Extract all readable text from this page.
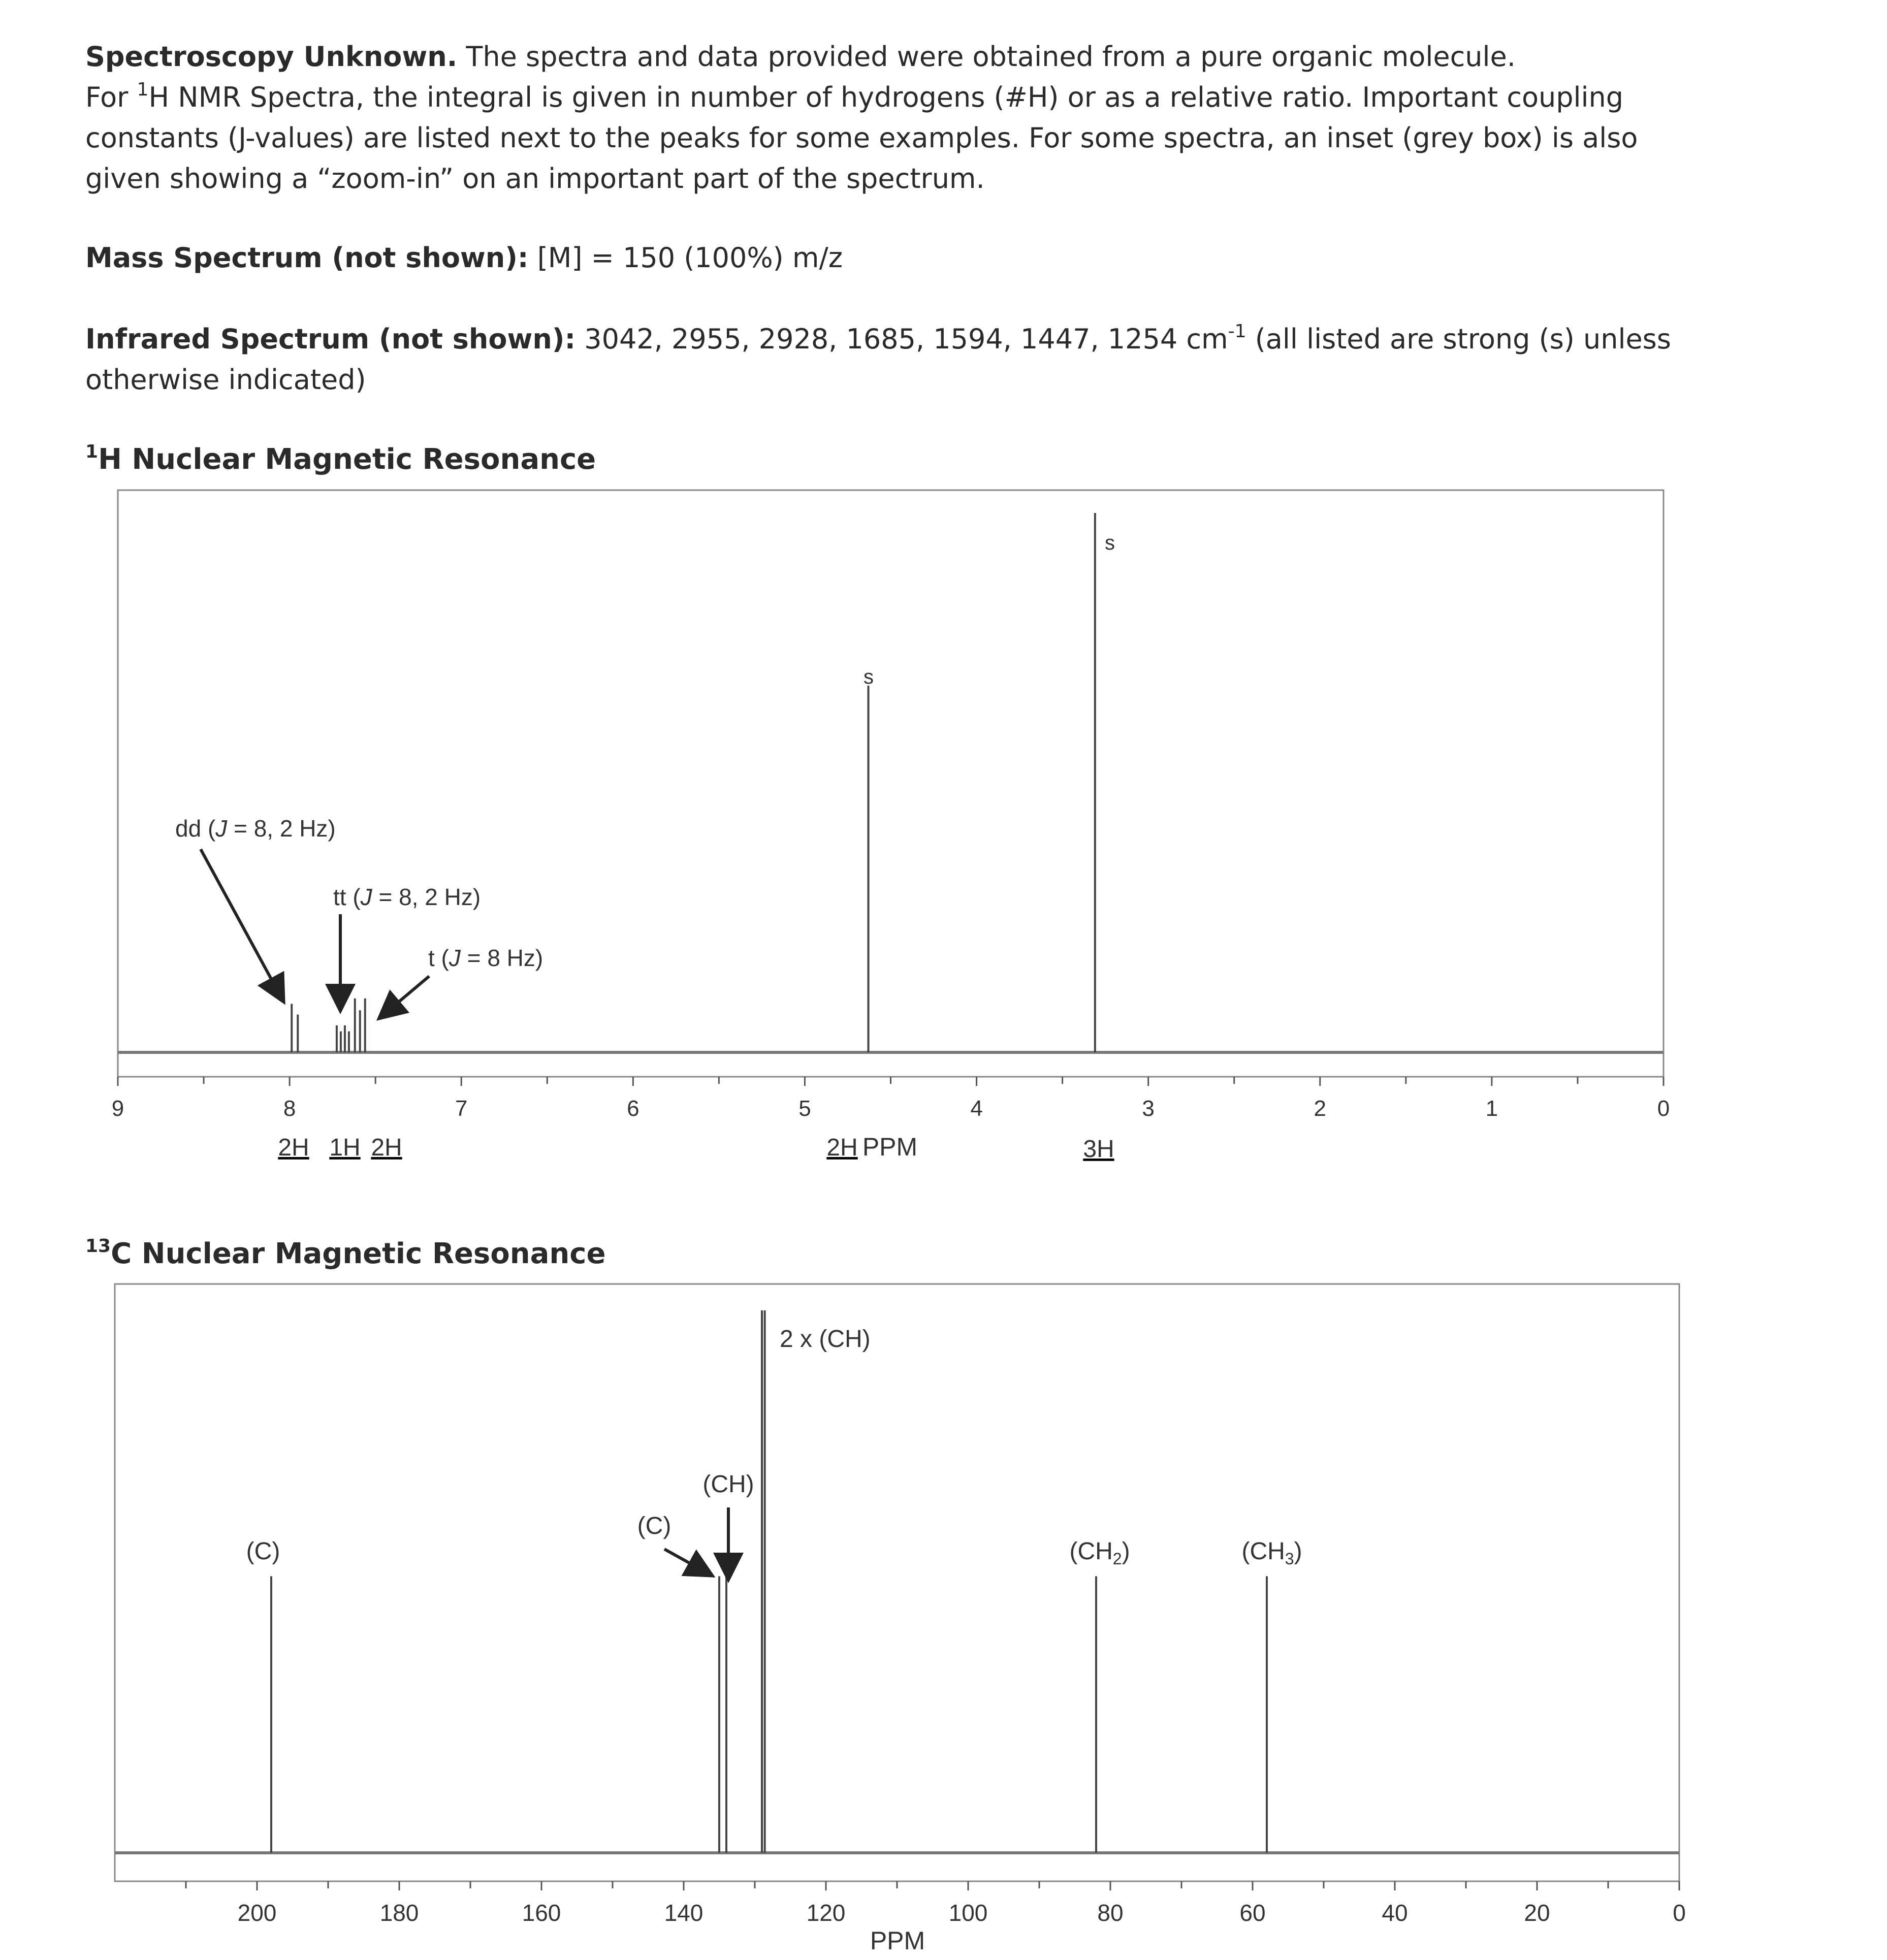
Spectroscopy Unknown. The spectra and data provided were obtained from a pure organic molecule.

For $^1$H NMR Spectra, the integral is given in number of hydrogens (#H) or as a relative ratio. Important coupling constants (J-values) are listed next to the peaks for some examples. For some spectra, an inset (grey box) is also given showing a “zoom-in” on an important part of the spectrum.

Mass Spectrum (not shown): [M] = 150 (100%) m/z

Infrared Spectrum (not shown): 3042, 2955, 2928, 1685, 1594, 1447, 1254 $cm^{-1}$ (all listed are strong (s) unless otherwise indicated)

$^1$H Nuclear Magnetic Resonance
$^{13}$C Nuclear Magnetic Resonance
9	8	7	6	5	4	3	2	1	0
dd (J = 8, 2 Hz)
tt (J = 8, 2 Hz)
t (J = 8 Hz)
s
s
2H 1H 2H	2H	3H
PPM
200	180	160	140	120	100	80	60	40	20	0
(C)
(C)
(CH)
2 x (CH)
$(CH_2)$	$(CH_3)$
PPM
